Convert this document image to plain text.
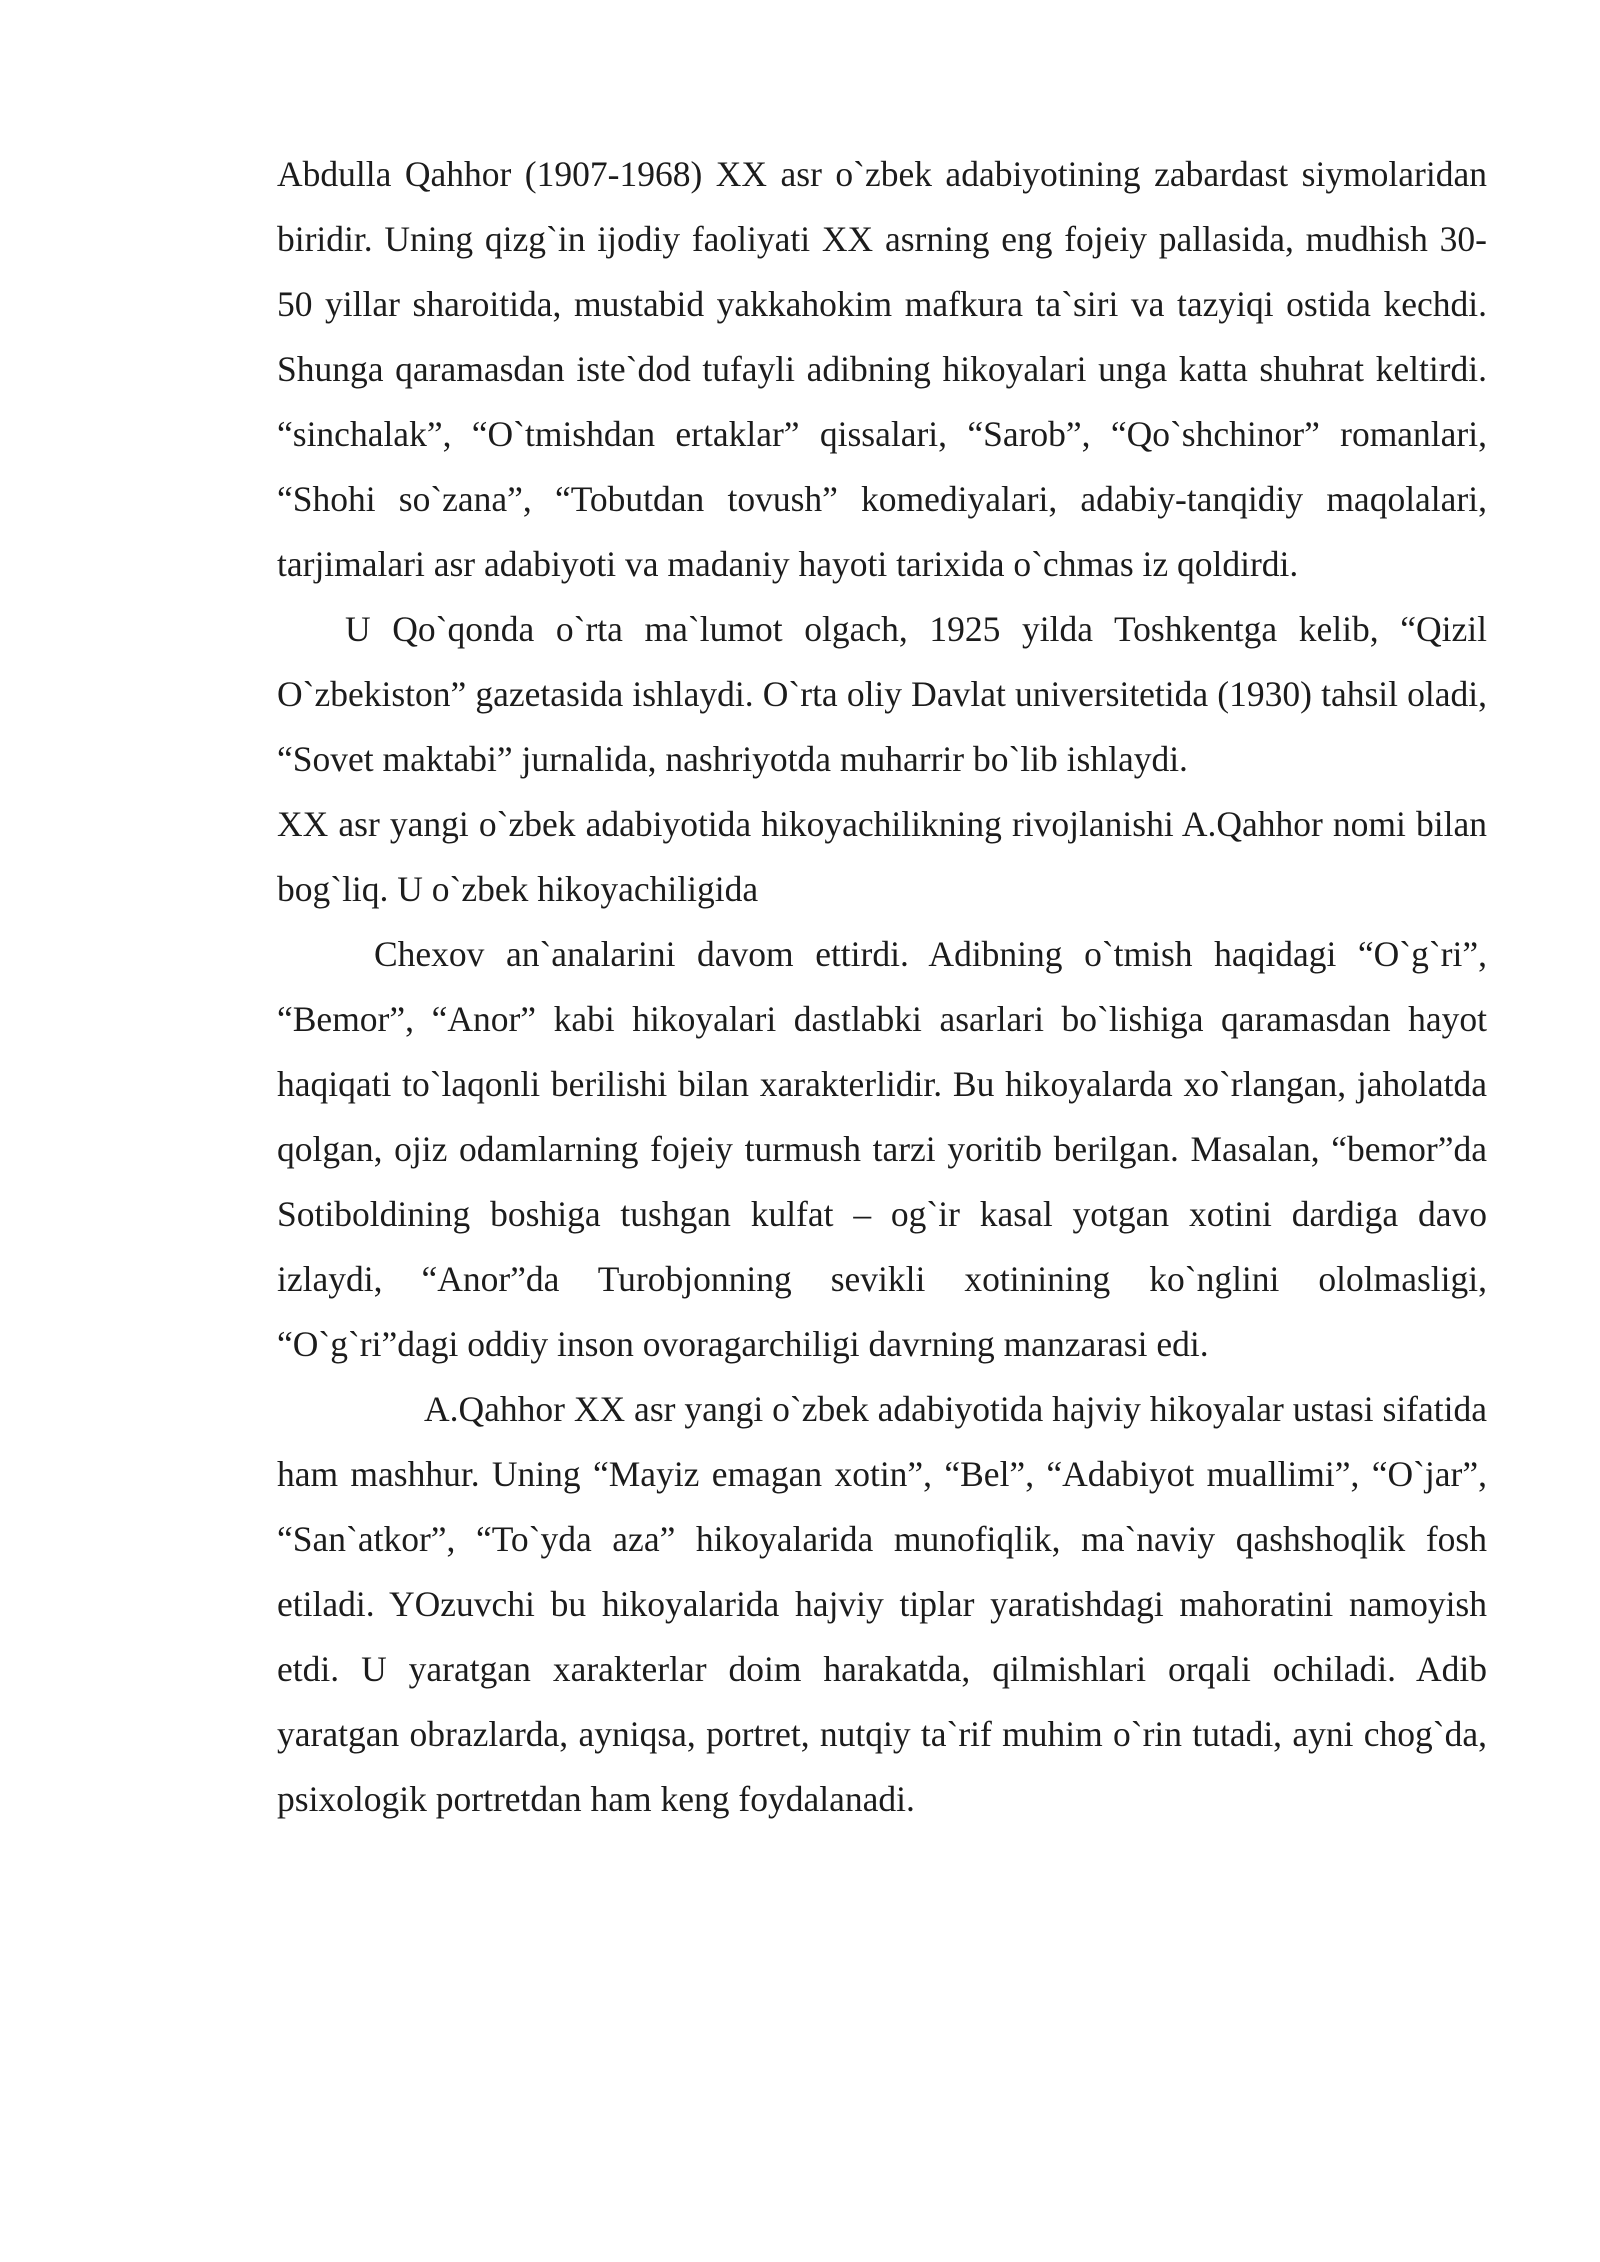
Abdulla Qahhor (1907-1968) XX asr o`zbek adabiyotining zabardast siymolaridan biridir. Uning qizg`in ijodiy faoliyati XX asrning eng fojeiy pallasida, mudhish 30-50 yillar sharoitida, mustabid yakkahokim mafkura ta`siri va tazyiqi ostida kechdi. Shunga qaramasdan iste`dod tufayli adibning hikoyalari unga katta shuhrat keltirdi. “sinchalak”, “O`tmishdan ertaklar” qissalari, “Sarob”, “Qo`shchinor” romanlari, “Shohi so`zana”, “Tobutdan tovush” komediyalari, adabiy-tanqidiy maqolalari, tarjimalari asr adabiyoti va madaniy hayoti tarixida o`chmas iz qoldirdi.

U Qo`qonda o`rta ma`lumot olgach, 1925 yilda Toshkentga kelib, “Qizil O`zbekiston” gazetasida ishlaydi. O`rta oliy Davlat universitetida (1930) tahsil oladi, “Sovet maktabi” jurnalida, nashriyotda muharrir bo`lib ishlaydi.

XX asr yangi o`zbek adabiyotida hikoyachilikning rivojlanishi A.Qahhor nomi bilan bog`liq. U o`zbek hikoyachiligida

Chexov an`analarini davom ettirdi. Adibning o`tmish haqidagi “O`g`ri”, “Bemor”, “Anor” kabi hikoyalari dastlabki asarlari bo`lishiga qaramasdan hayot haqiqati to`laqonli berilishi bilan xarakterlidir. Bu hikoyalarda xo`rlangan, jaholatda qolgan, ojiz odamlarning fojeiy turmush tarzi yoritib berilgan. Masalan, “bemor”da Sotiboldining boshiga tushgan kulfat – og`ir kasal yotgan xotini dardiga davo izlaydi, “Anor”da Turobjonning sevikli xotinining ko`nglini ololmasligi, “O`g`ri”dagi oddiy inson ovoragarchiligi davrning manzarasi edi.

A.Qahhor XX asr yangi o`zbek adabiyotida hajviy hikoyalar ustasi sifatida ham mashhur. Uning “Mayiz emagan xotin”, “Bel”, “Adabiyot muallimi”, “O`jar”, “San`atkor”, “To`yda aza” hikoyalarida munofiqlik, ma`naviy qashshoqlik fosh etiladi. YOzuvchi bu hikoyalarida hajviy tiplar yaratishdagi mahoratini namoyish etdi. U yaratgan xarakterlar doim harakatda, qilmishlari orqali ochiladi. Adib yaratgan obrazlarda, ayniqsa, portret, nutqiy ta`rif muhim o`rin tutadi, ayni chog`da, psixologik portretdan ham keng foydalanadi.
